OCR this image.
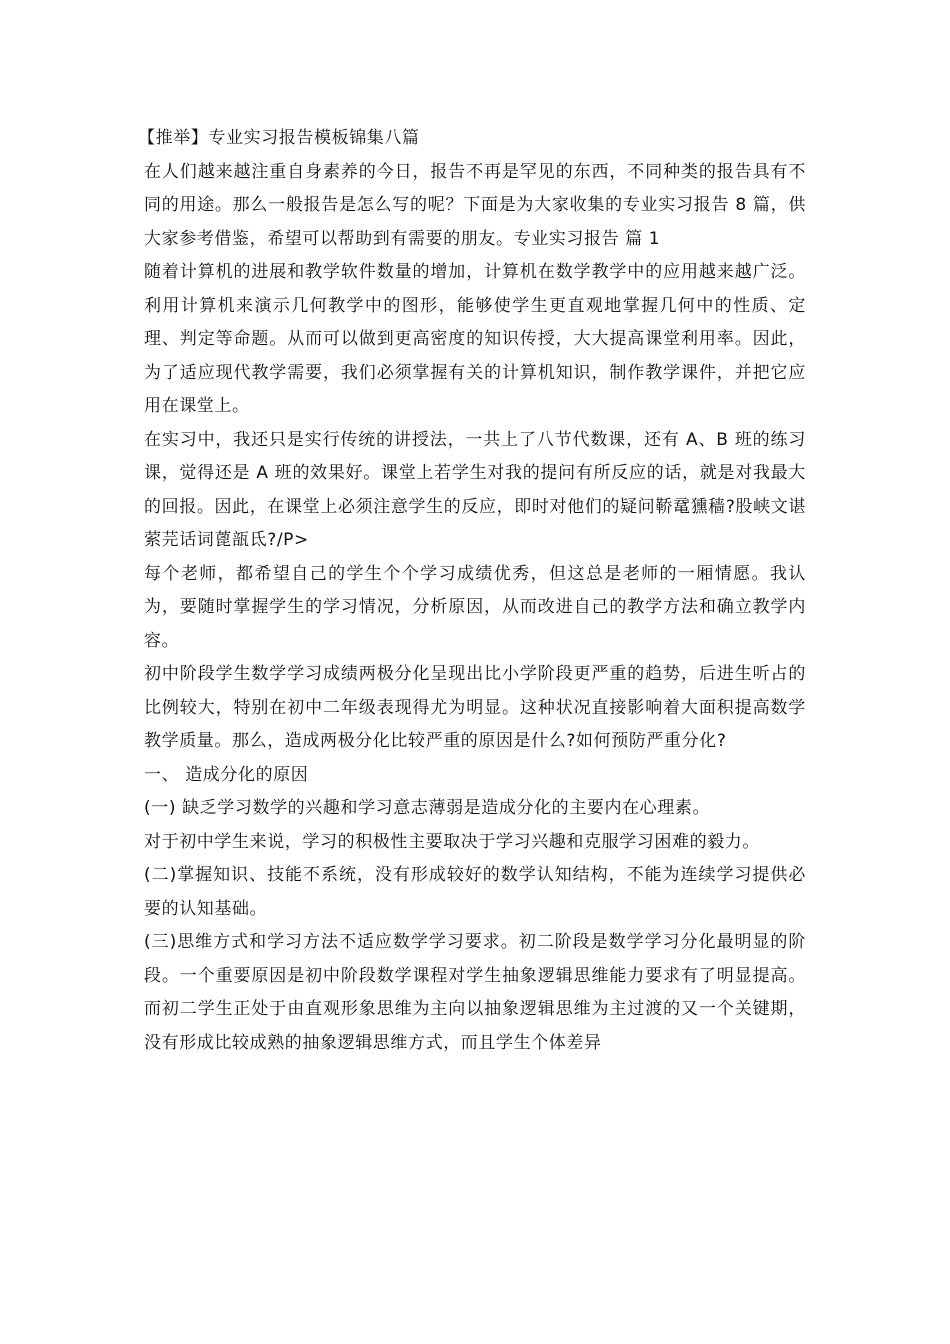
【推举】专业实习报告模板锦集八篇

在人们越来越注重自身素养的今日，报告不再是罕见的东西，不同种类的报告具有不同的用途。那么一般报告是怎么写的呢？下面是为大家收集的专业实习报告 8 篇，供大家参考借鉴，希望可以帮助到有需要的朋友。专业实习报告 篇 1

随着计算机的进展和教学软件数量的增加，计算机在数学教学中的应用越来越广泛。利用计算机来演示几何教学中的图形，能够使学生更直观地掌握几何中的性质、定理、判定等命题。从而可以做到更高密度的知识传授，大大提高课堂利用率。因此，为了适应现代教学需要，我们必须掌握有关的计算机知识，制作教学课件，并把它应用在课堂上。

在实习中，我还只是实行传统的讲授法，一共上了八节代数课，还有 A、B 班的练习课，觉得还是 A 班的效果好。课堂上若学生对我的提问有所反应的话，就是对我最大的回报。因此，在课堂上必须注意学生的反应，即时对他们的疑问鞒鼋獯穑?股峡文谌萦芫话词蓖瓿氐?/P>

每个老师，都希望自己的学生个个学习成绩优秀，但这总是老师的一厢情愿。我认为，要随时掌握学生的学习情况，分析原因，从而改进自己的教学方法和确立教学内容。

初中阶段学生数学学习成绩两极分化呈现出比小学阶段更严重的趋势，后进生听占的比例较大，特别在初中二年级表现得尤为明显。这种状况直接影响着大面积提高数学教学质量。那么，造成两极分化比较严重的原因是什么?如何预防严重分化?

一、 造成分化的原因

(一) 缺乏学习数学的兴趣和学习意志薄弱是造成分化的主要内在心理素。

对于初中学生来说，学习的积极性主要取决于学习兴趣和克服学习困难的毅力。

(二)掌握知识、技能不系统，没有形成较好的数学认知结构，不能为连续学习提供必要的认知基础。

(三)思维方式和学习方法不适应数学学习要求。初二阶段是数学学习分化最明显的阶段。一个重要原因是初中阶段数学课程对学生抽象逻辑思维能力要求有了明显提高。而初二学生正处于由直观形象思维为主向以抽象逻辑思维为主过渡的又一个关键期，没有形成比较成熟的抽象逻辑思维方式，而且学生个体差异
